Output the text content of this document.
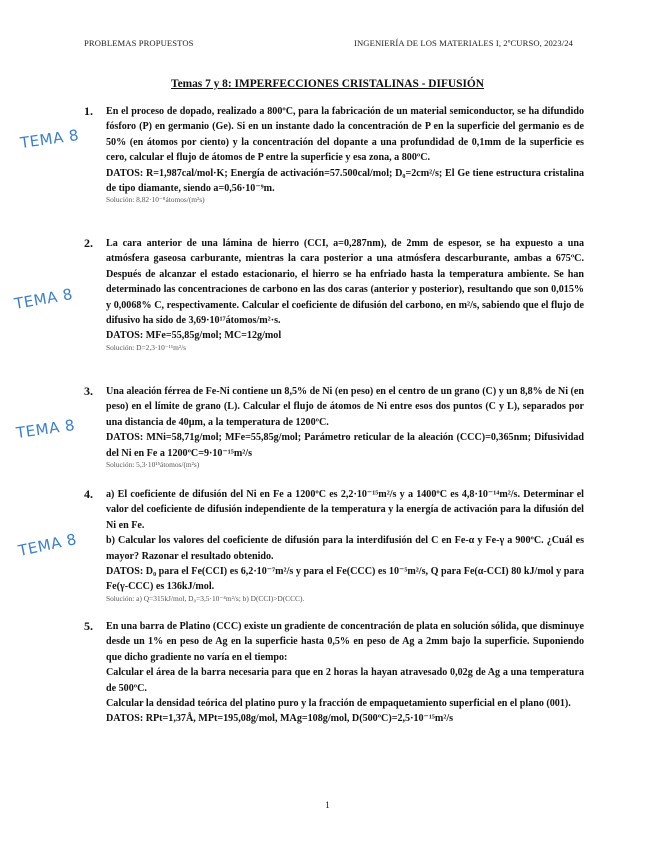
PROBLEMAS PROPUESTOS	INGENIERÍA DE LOS MATERIALES I, 2ºCURSO, 2023/24
Temas 7 y 8: IMPERFECCIONES CRISTALINAS - DIFUSIÓN
TEMA 8
TEMA 8
TEMA 8
TEMA 8
1. En el proceso de dopado, realizado a 800ºC, para la fabricación de un material semiconductor, se ha difundido fósforo (P) en germanio (Ge). Si en un instante dado la concentración de P en la superficie del germanio es de 50% (en átomos por ciento) y la concentración del dopante a una profundidad de 0,1mm de la superficie es cero, calcular el flujo de átomos de P entre la superficie y esa zona, a 800ºC.

DATOS: R=1,987cal/mol·K; Energía de activación=57.500cal/mol; D₀=2cm²/s; El Ge tiene estructura cristalina de tipo diamante, siendo a=0,56·10⁻⁹m.

Solución: 8,82·10⁻⁸átomos/(m²s)
2. La cara anterior de una lámina de hierro (CCI, a=0,287nm), de 2mm de espesor, se ha expuesto a una atmósfera gaseosa carburante, mientras la cara posterior a una atmósfera descarburante, ambas a 675ºC. Después de alcanzar el estado estacionario, el hierro se ha enfriado hasta la temperatura ambiente. Se han determinado las concentraciones de carbono en las dos caras (anterior y posterior), resultando que son 0,015% y 0,0068% C, respectivamente. Calcular el coeficiente de difusión del carbono, en m²/s, sabiendo que el flujo de difusivo ha sido de 3,69·10¹⁷átomos/m²·s.

DATOS: MFe=55,85g/mol; MC=12g/mol

Solución: D=2,3·10⁻¹¹m²/s
3. Una aleación férrea de Fe-Ni contiene un 8,5% de Ni (en peso) en el centro de un grano (C) y un 8,8% de Ni (en peso) en el límite de grano (L). Calcular el flujo de átomos de Ni entre esos dos puntos (C y L), separados por una distancia de 40µm, a la temperatura de 1200ºC.

DATOS: MNi=58,71g/mol; MFe=55,85g/mol; Parámetro reticular de la aleación (CCC)=0,365nm; Difusividad del Ni en Fe a 1200ºC=9·10⁻¹⁵m²/s

Solución: 5,3·10¹⁵átomos/(m²s)
4. a) El coeficiente de difusión del Ni en Fe a 1200ºC es 2,2·10⁻¹⁵m²/s y a 1400ºC es 4,8·10⁻¹⁴m²/s. Determinar el valor del coeficiente de difusión independiente de la temperatura y la energía de activación para la difusión del Ni en Fe.

b) Calcular los valores del coeficiente de difusión para la interdifusión del C en Fe-α y Fe-γ a 900ºC. ¿Cuál es mayor? Razonar el resultado obtenido.

DATOS: D₀ para el Fe(CCI) es 6,2·10⁻⁷m²/s y para el Fe(CCC) es 10⁻⁵m²/s, Q para Fe(α-CCI) 80 kJ/mol y para Fe(γ-CCC) es 136kJ/mol.

Solución: a) Q=315kJ/mol, D₀=3,5·10⁻⁴m²/s; b) D(CCI)>D(CCC).
5. En una barra de Platino (CCC) existe un gradiente de concentración de plata en solución sólida, que disminuye desde un 1% en peso de Ag en la superficie hasta 0,5% en peso de Ag a 2mm bajo la superficie. Suponiendo que dicho gradiente no varía en el tiempo:

Calcular el área de la barra necesaria para que en 2 horas la hayan atravesado 0,02g de Ag a una temperatura de 500ºC.

Calcular la densidad teórica del platino puro y la fracción de empaquetamiento superficial en el plano (001).

DATOS: RPt=1,37Å, MPt=195,08g/mol, MAg=108g/mol, D(500ºC)=2,5·10⁻¹⁵m²/s

1
